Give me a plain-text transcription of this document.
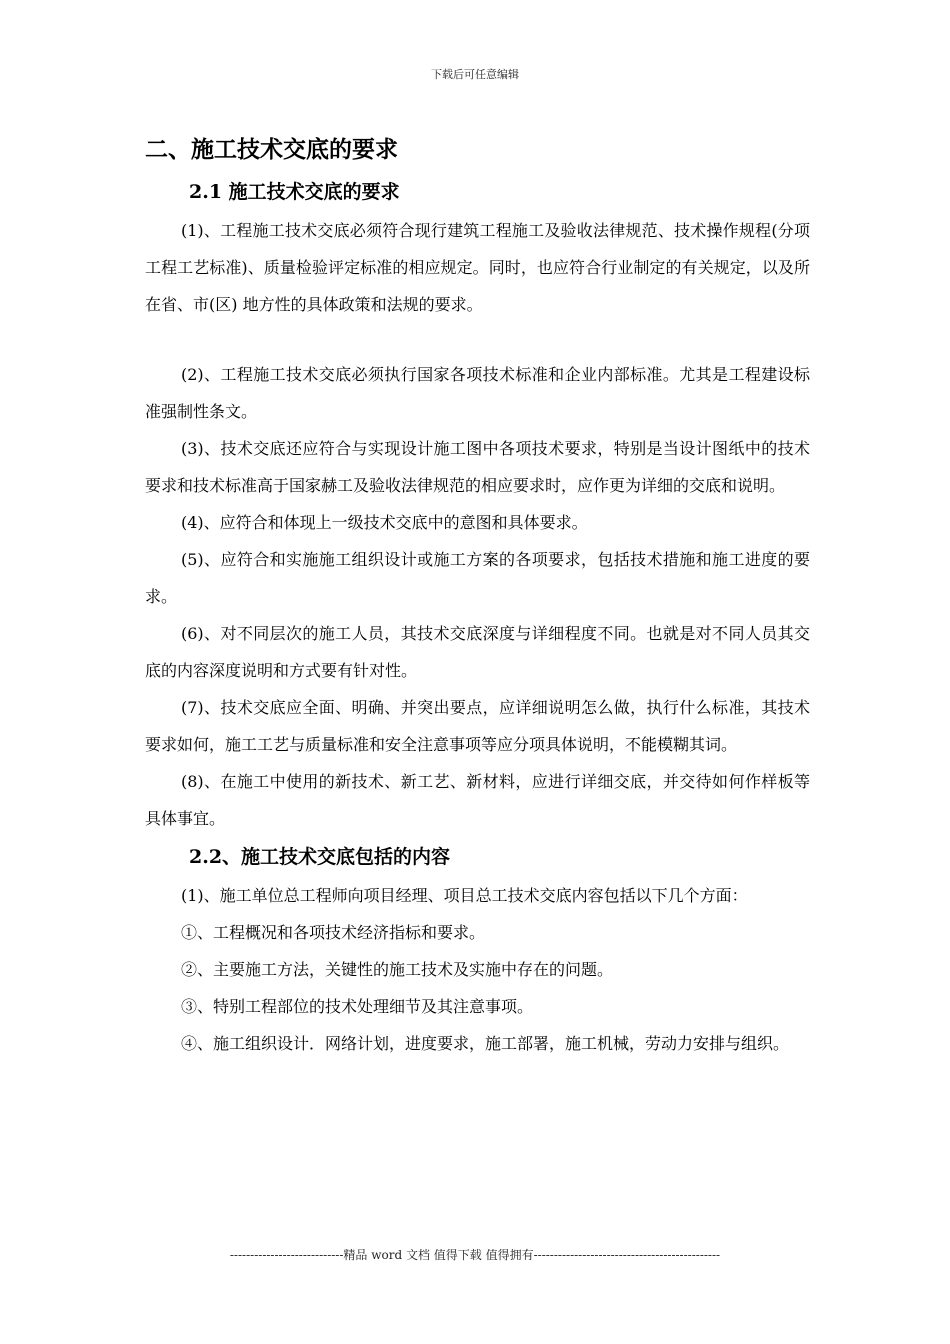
下载后可任意编辑
二、施工技术交底的要求
2.1 施工技术交底的要求

(1)、工程施工技术交底必须符合现行建筑工程施工及验收法律规范、技术操作规程(分项工程工艺标准)、质量检验评定标准的相应规定。同时，也应符合行业制定的有关规定，以及所在省、市(区) 地方性的具体政策和法规的要求。

(2)、工程施工技术交底必须执行国家各项技术标准和企业内部标准。尤其是工程建设标准强制性条文。

(3)、技术交底还应符合与实现设计施工图中各项技术要求，特别是当设计图纸中的技术要求和技术标准高于国家赫工及验收法律规范的相应要求时，应作更为详细的交底和说明。

(4)、应符合和体现上一级技术交底中的意图和具体要求。

(5)、应符合和实施施工组织设计或施工方案的各项要求，包括技术措施和施工进度的要求。

(6)、对不同层次的施工人员，其技术交底深度与详细程度不同。也就是对不同人员其交底的内容深度说明和方式要有针对性。

(7)、技术交底应全面、明确、并突出要点，应详细说明怎么做，执行什么标准，其技术要求如何，施工工艺与质量标准和安全注意事项等应分项具体说明，不能模糊其词。

(8)、在施工中使用的新技术、新工艺、新材料，应进行详细交底，并交待如何作样板等具体事宜。

2.2、施工技术交底包括的内容

(1)、施工单位总工程师向项目经理、项目总工技术交底内容包括以下几个方面：

①、工程概况和各项技术经济指标和要求。

②、主要施工方法，关键性的施工技术及实施中存在的问题。

③、特别工程部位的技术处理细节及其注意事项。

④、施工组织设计．网络计划，进度要求，施工部署，施工机械，劳动力安排与组织。

----------------------------精品 word 文档 值得下载 值得拥有----------------------------------------------
